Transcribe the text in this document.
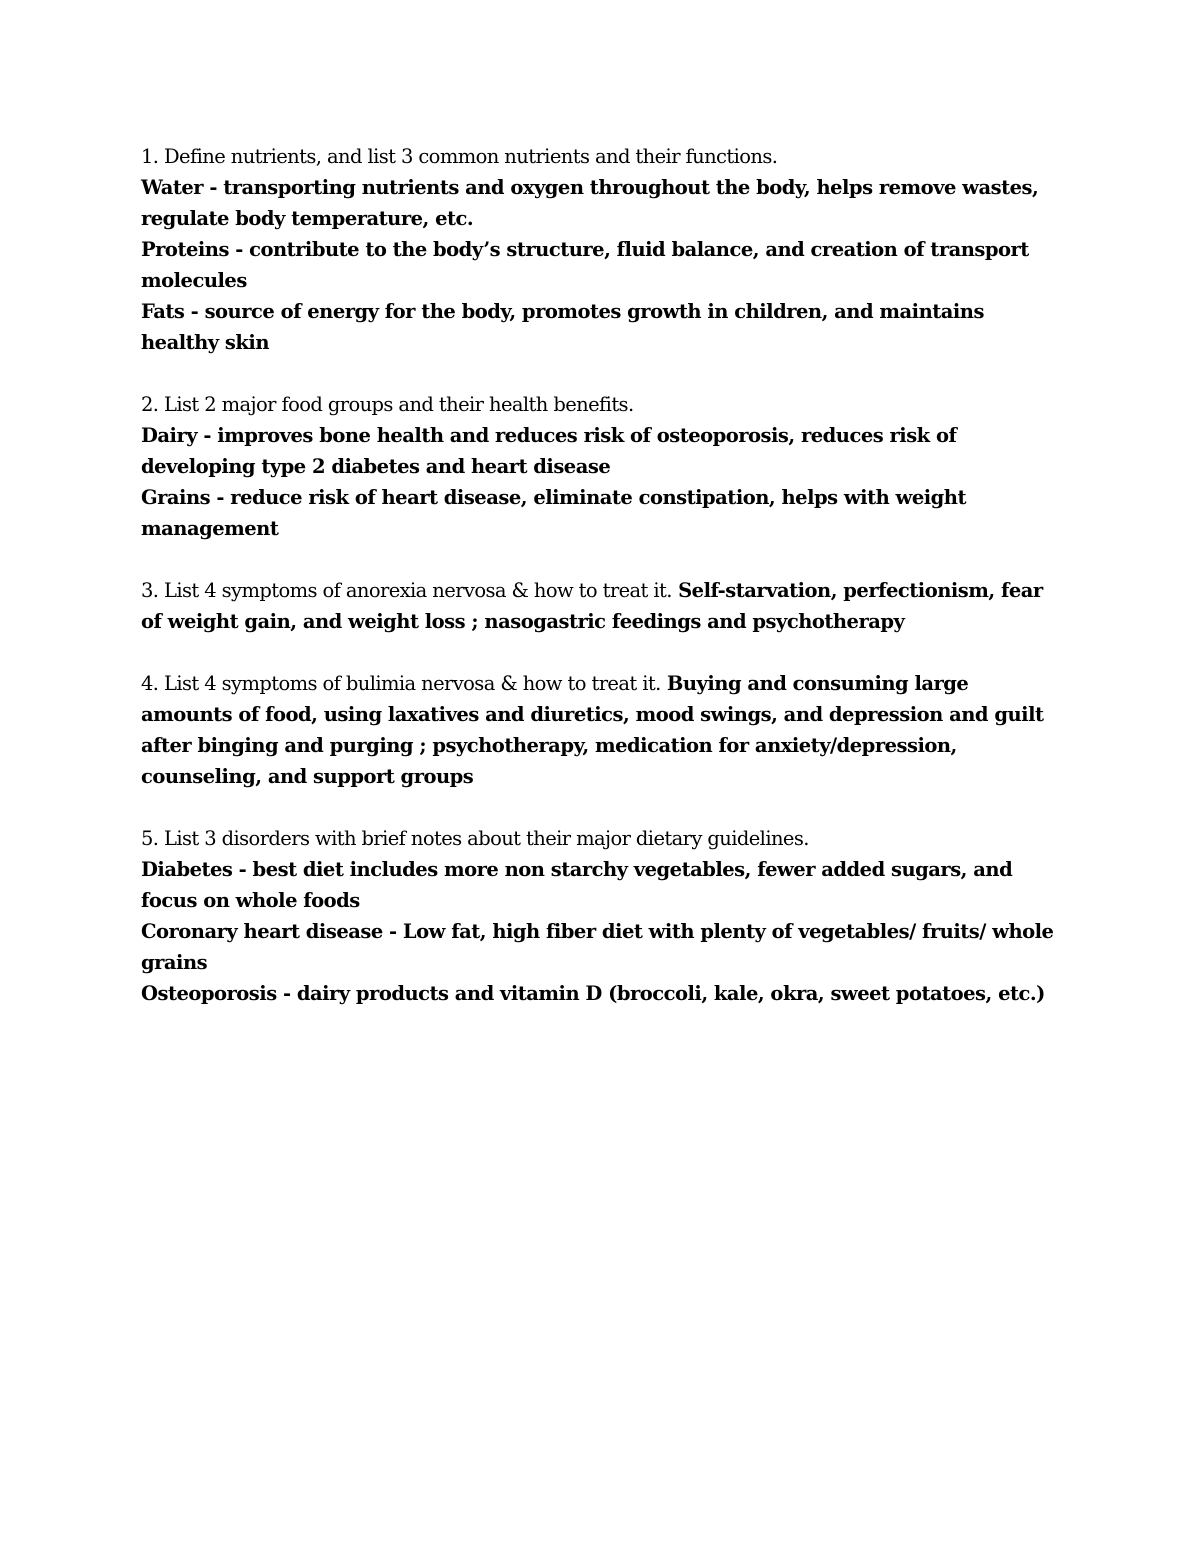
1. Define nutrients, and list 3 common nutrients and their functions.

Water - transporting nutrients and oxygen throughout the body, helps remove wastes, regulate body temperature, etc.

Proteins - contribute to the body’s structure, fluid balance, and creation of transport molecules

Fats - source of energy for the body, promotes growth in children, and maintains healthy skin

2. List 2 major food groups and their health benefits.

Dairy - improves bone health and reduces risk of osteoporosis, reduces risk of developing type 2 diabetes and heart disease

Grains - reduce risk of heart disease, eliminate constipation, helps with weight management

3. List 4 symptoms of anorexia nervosa & how to treat it. Self-starvation, perfectionism, fear of weight gain, and weight loss ; nasogastric feedings and psychotherapy

4. List 4 symptoms of bulimia nervosa & how to treat it. Buying and consuming large amounts of food, using laxatives and diuretics, mood swings, and depression and guilt after binging and purging ; psychotherapy, medication for anxiety/depression, counseling, and support groups

5. List 3 disorders with brief notes about their major dietary guidelines.

Diabetes - best diet includes more non starchy vegetables, fewer added sugars, and focus on whole foods

Coronary heart disease - Low fat, high fiber diet with plenty of vegetables/ fruits/ whole grains

Osteoporosis - dairy products and vitamin D (broccoli, kale, okra, sweet potatoes, etc.)
